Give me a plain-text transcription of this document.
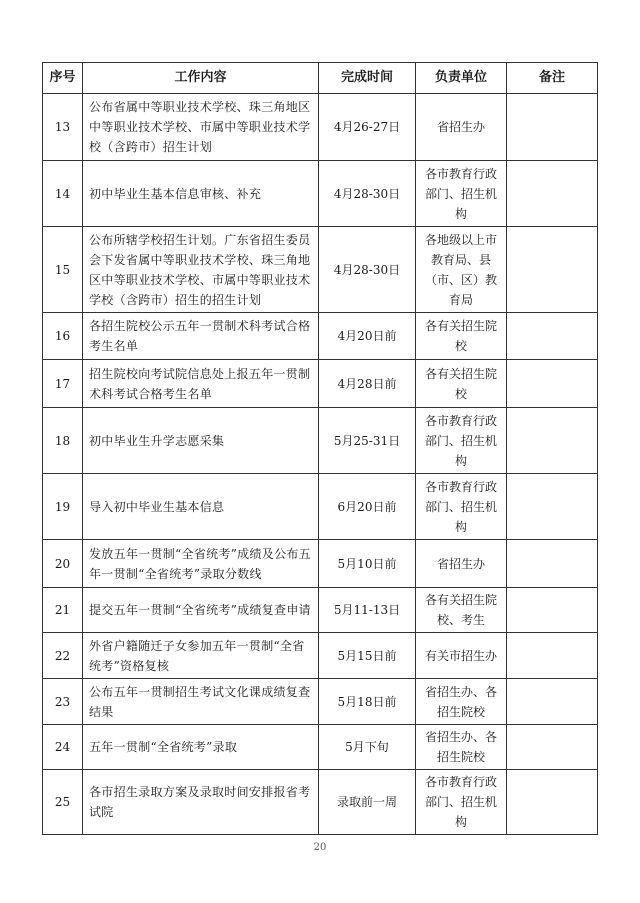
序号	工作内容	完成时间	负责单位	备注
13	公布省属中等职业技术学校、珠三角地区中等职业技术学校、市属中等职业技术学校（含跨市）招生计划	4月26-27日	省招生办	
14	初中毕业生基本信息审核、补充	4月28-30日	各市教育行政部门、招生机构	
15	公布所辖学校招生计划。广东省招生委员会下发省属中等职业技术学校、珠三角地区中等职业技术学校、市属中等职业技术学校（含跨市）招生的招生计划	4月28-30日	各地级以上市教育局、县（市、区）教育局	
16	各招生院校公示五年一贯制术科考试合格考生名单	4月20日前	各有关招生院校	
17	招生院校向考试院信息处上报五年一贯制术科考试合格考生名单	4月28日前	各有关招生院校	
18	初中毕业生升学志愿采集	5月25-31日	各市教育行政部门、招生机构	
19	导入初中毕业生基本信息	6月20日前	各市教育行政部门、招生机构	
20	发放五年一贯制“全省统考”成绩及公布五年一贯制“全省统考”录取分数线	5月10日前	省招生办	
21	提交五年一贯制“全省统考”成绩复查申请	5月11-13日	各有关招生院校、考生	
22	外省户籍随迁子女参加五年一贯制“全省统考”资格复核	5月15日前	有关市招生办	
23	公布五年一贯制招生考试文化课成绩复查结果	5月18日前	省招生办、各招生院校	
24	五年一贯制“全省统考”录取	5月下旬	省招生办、各招生院校	
25	各市招生录取方案及录取时间安排报省考试院	录取前一周	各市教育行政部门、招生机构	
20
